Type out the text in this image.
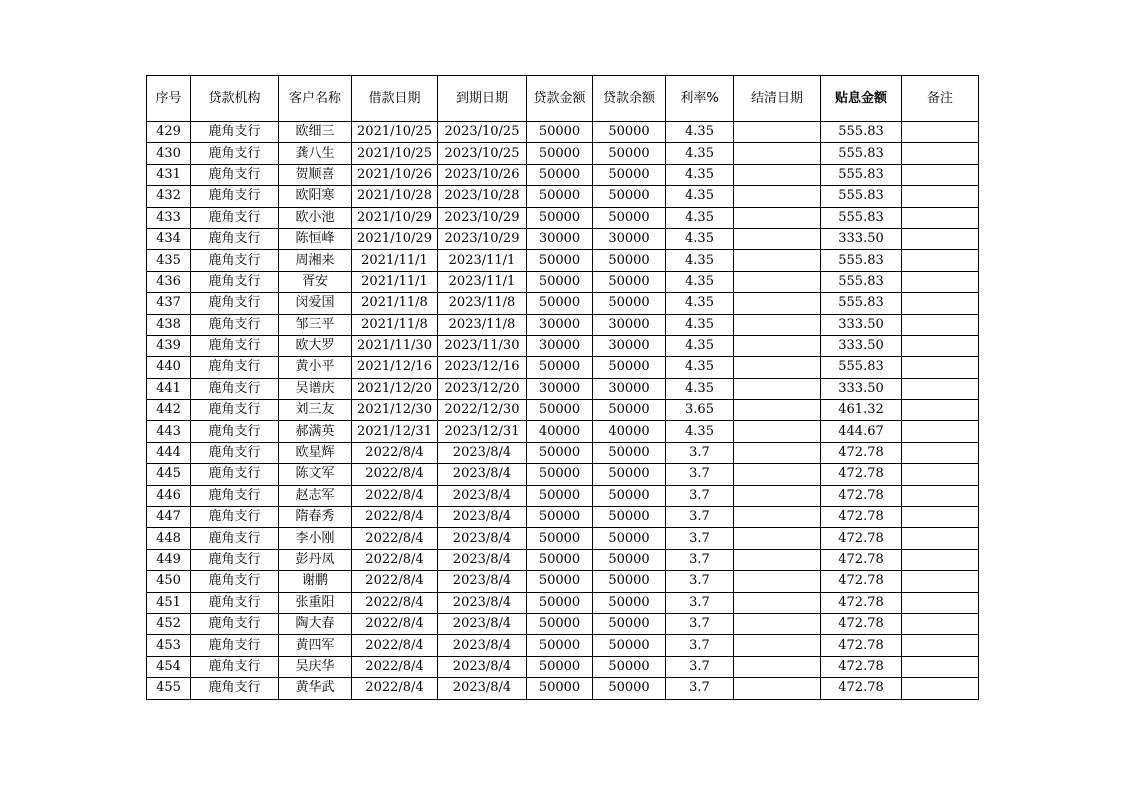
序号	贷款机构	客户名称	借款日期	到期日期	贷款金额	贷款余额	利率%	结清日期	贴息金额	备注
429	鹿角支行	欧细三	2021/10/25	2023/10/25	50000	50000	4.35		555.83	
430	鹿角支行	龚八生	2021/10/25	2023/10/25	50000	50000	4.35		555.83	
431	鹿角支行	贺顺喜	2021/10/26	2023/10/26	50000	50000	4.35		555.83	
432	鹿角支行	欧阳寒	2021/10/28	2023/10/28	50000	50000	4.35		555.83	
433	鹿角支行	欧小池	2021/10/29	2023/10/29	50000	50000	4.35		555.83	
434	鹿角支行	陈恒峰	2021/10/29	2023/10/29	30000	30000	4.35		333.50	
435	鹿角支行	周湘来	2021/11/1	2023/11/1	50000	50000	4.35		555.83	
436	鹿角支行	胥安	2021/11/1	2023/11/1	50000	50000	4.35		555.83	
437	鹿角支行	闵爱国	2021/11/8	2023/11/8	50000	50000	4.35		555.83	
438	鹿角支行	邹三平	2021/11/8	2023/11/8	30000	30000	4.35		333.50	
439	鹿角支行	欧大罗	2021/11/30	2023/11/30	30000	30000	4.35		333.50	
440	鹿角支行	黄小平	2021/12/16	2023/12/16	50000	50000	4.35		555.83	
441	鹿角支行	吴谱庆	2021/12/20	2023/12/20	30000	30000	4.35		333.50	
442	鹿角支行	刘三友	2021/12/30	2022/12/30	50000	50000	3.65		461.32	
443	鹿角支行	郝满英	2021/12/31	2023/12/31	40000	40000	4.35		444.67	
444	鹿角支行	欧星辉	2022/8/4	2023/8/4	50000	50000	3.7		472.78	
445	鹿角支行	陈文军	2022/8/4	2023/8/4	50000	50000	3.7		472.78	
446	鹿角支行	赵志军	2022/8/4	2023/8/4	50000	50000	3.7		472.78	
447	鹿角支行	隋春秀	2022/8/4	2023/8/4	50000	50000	3.7		472.78	
448	鹿角支行	李小刚	2022/8/4	2023/8/4	50000	50000	3.7		472.78	
449	鹿角支行	彭丹凤	2022/8/4	2023/8/4	50000	50000	3.7		472.78	
450	鹿角支行	谢鹏	2022/8/4	2023/8/4	50000	50000	3.7		472.78	
451	鹿角支行	张重阳	2022/8/4	2023/8/4	50000	50000	3.7		472.78	
452	鹿角支行	陶大春	2022/8/4	2023/8/4	50000	50000	3.7		472.78	
453	鹿角支行	黄四军	2022/8/4	2023/8/4	50000	50000	3.7		472.78	
454	鹿角支行	吴庆华	2022/8/4	2023/8/4	50000	50000	3.7		472.78	
455	鹿角支行	黄华武	2022/8/4	2023/8/4	50000	50000	3.7		472.78	
